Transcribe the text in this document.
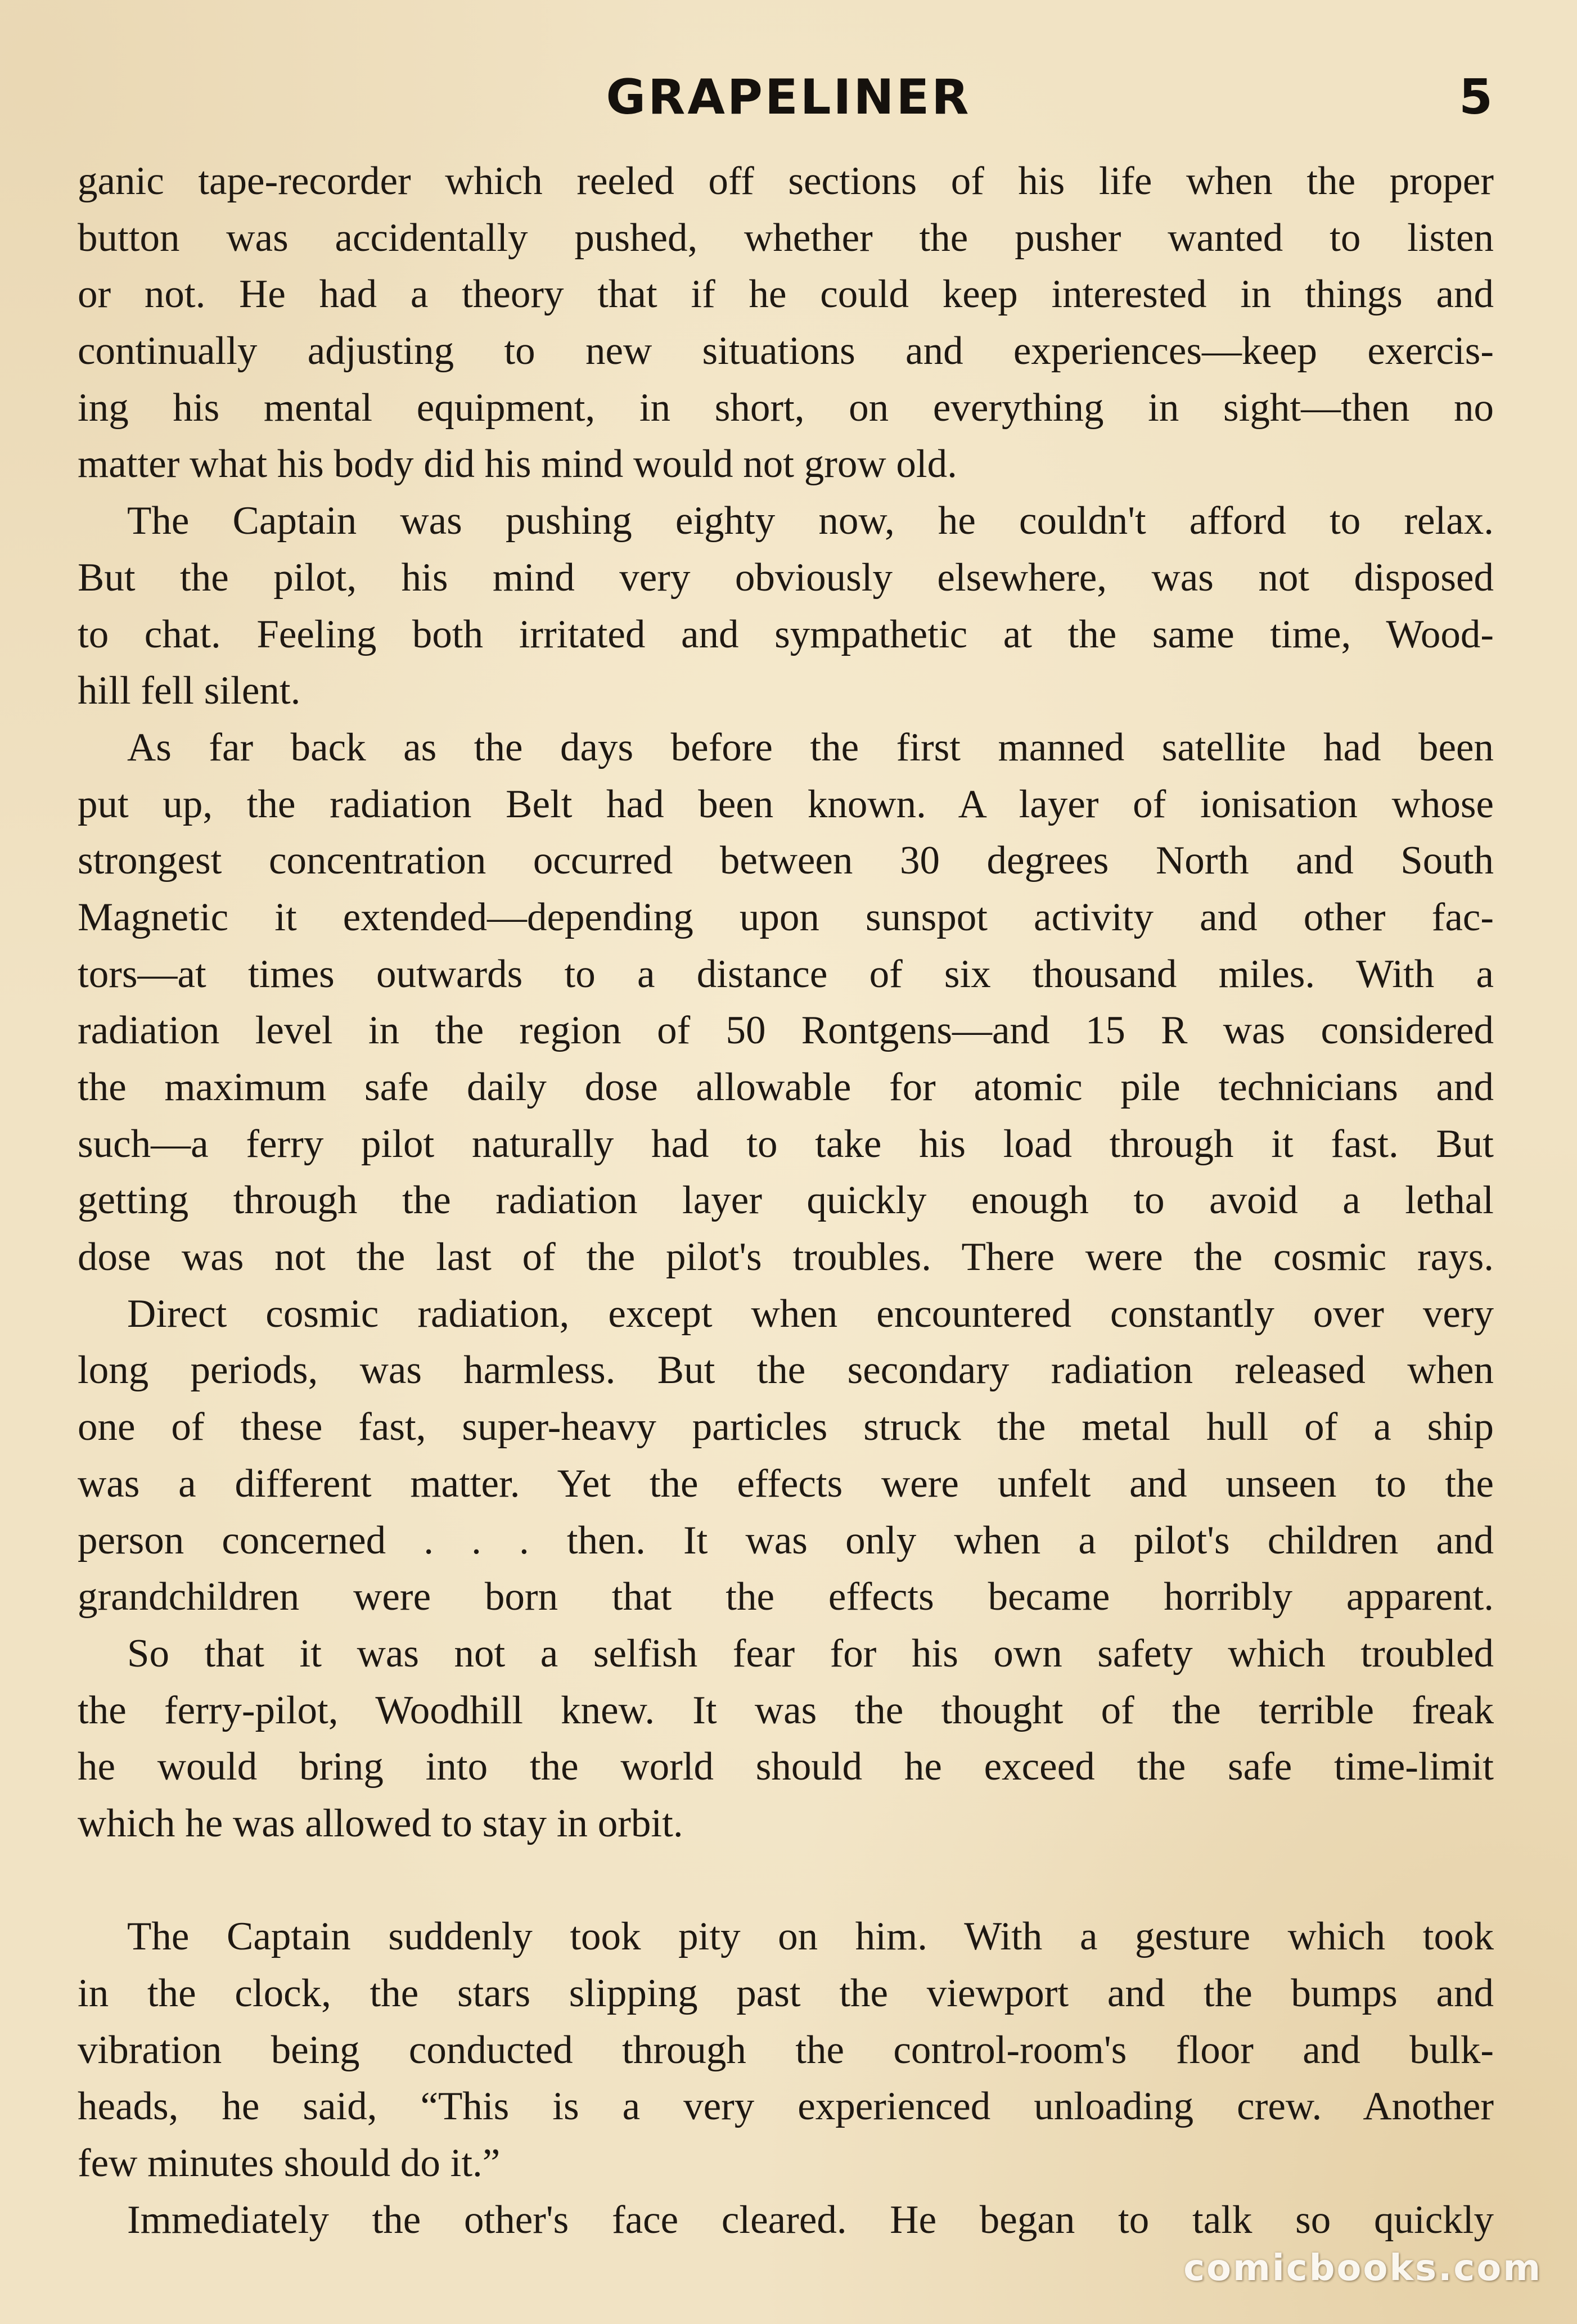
GRAPELINER	5
ganic tape-recorder which reeled off sections of his life when the proper
button was accidentally pushed, whether the pusher wanted to listen
or not. He had a theory that if he could keep interested in things and
continually adjusting to new situations and experiences—keep exercis-
ing his mental equipment, in short, on everything in sight—then no
matter what his body did his mind would not grow old.
The Captain was pushing eighty now, he couldn't afford to relax.
But the pilot, his mind very obviously elsewhere, was not disposed
to chat. Feeling both irritated and sympathetic at the same time, Wood-
hill fell silent.
As far back as the days before the first manned satellite had been
put up, the radiation Belt had been known. A layer of ionisation whose
strongest concentration occurred between 30 degrees North and South
Magnetic it extended—depending upon sunspot activity and other fac-
tors—at times outwards to a distance of six thousand miles. With a
radiation level in the region of 50 Rontgens—and 15 R was considered
the maximum safe daily dose allowable for atomic pile technicians and
such—a ferry pilot naturally had to take his load through it fast. But
getting through the radiation layer quickly enough to avoid a lethal
dose was not the last of the pilot's troubles. There were the cosmic rays.
Direct cosmic radiation, except when encountered constantly over very
long periods, was harmless. But the secondary radiation released when
one of these fast, super-heavy particles struck the metal hull of a ship
was a different matter. Yet the effects were unfelt and unseen to the
person concerned . . . then. It was only when a pilot's children and
grandchildren were born that the effects became horribly apparent.
So that it was not a selfish fear for his own safety which troubled
the ferry-pilot, Woodhill knew. It was the thought of the terrible freak
he would bring into the world should he exceed the safe time-limit
which he was allowed to stay in orbit.
The Captain suddenly took pity on him. With a gesture which took
in the clock, the stars slipping past the viewport and the bumps and
vibration being conducted through the control-room's floor and bulk-
heads, he said, “This is a very experienced unloading crew. Another
few minutes should do it.”
Immediately the other's face cleared. He began to talk so quickly
comicbooks.com
